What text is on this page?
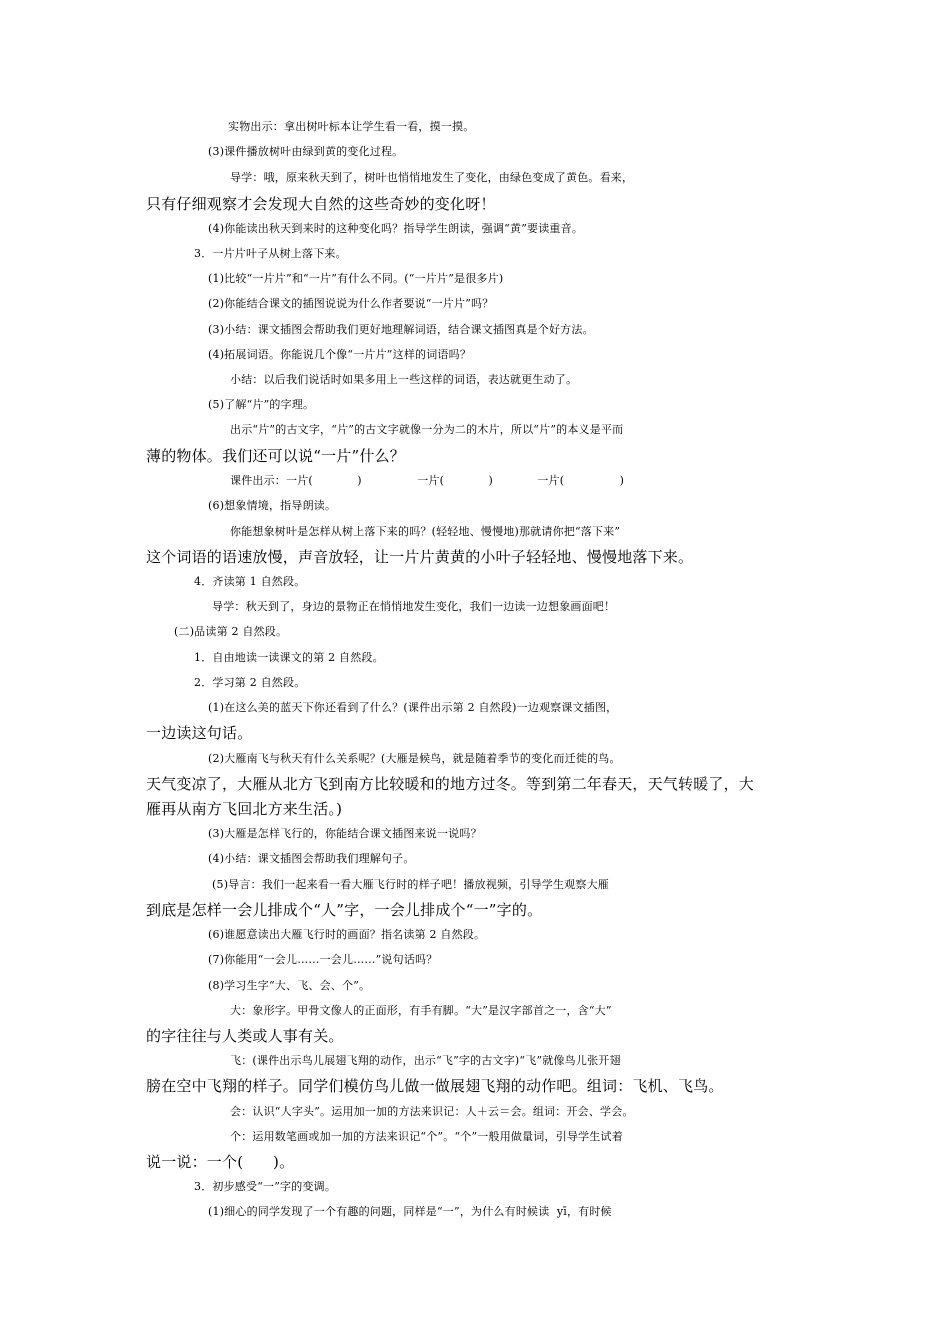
实物出示：拿出树叶标本让学生看一看，摸一摸。
(3)课件播放树叶由绿到黄的变化过程。
导学：哦，原来秋天到了，树叶也悄悄地发生了变化，由绿色变成了黄色。看来，
只有仔细观察才会发现大自然的这些奇妙的变化呀！
(4)你能读出秋天到来时的这种变化吗？指导学生朗读，强调“黄”要读重音。
3．一片片叶子从树上落下来。
(1)比较“一片片”和“一片”有什么不同。(“一片片”是很多片)
(2)你能结合课文的插图说说为什么作者要说“一片片”吗？
(3)小结：课文插图会帮助我们更好地理解词语，结合课文插图真是个好方法。
(4)拓展词语。你能说几个像“一片片”这样的词语吗？
小结：以后我们说话时如果多用上一些这样的词语，表达就更生动了。
(5)了解“片”的字理。
出示“片”的古文字，“片”的古文字就像一分为二的木片，所以“片”的本义是平而
薄的物体。我们还可以说“一片”什么？
课件出示：一片(            )               一片(            )            一片(               )
(6)想象情境，指导朗读。
你能想象树叶是怎样从树上落下来的吗？(轻轻地、慢慢地)那就请你把“落下来”
这个词语的语速放慢，声音放轻，让一片片黄黄的小叶子轻轻地、慢慢地落下来。
4．齐读第 1 自然段。
导学：秋天到了，身边的景物正在悄悄地发生变化，我们一边读一边想象画面吧！
(二)品读第 2 自然段。
1．自由地读一读课文的第 2 自然段。
2．学习第 2 自然段。
(1)在这么美的蓝天下你还看到了什么？(课件出示第 2 自然段)一边观察课文插图，
一边读这句话。
(2)大雁南飞与秋天有什么关系呢？(大雁是候鸟，就是随着季节的变化而迁徙的鸟。
天气变凉了，大雁从北方飞到南方比较暖和的地方过冬。等到第二年春天，天气转暖了，大
雁再从南方飞回北方来生活。)
(3)大雁是怎样飞行的，你能结合课文插图来说一说吗？
(4)小结：课文插图会帮助我们理解句子。
(5)导言：我们一起来看一看大雁飞行时的样子吧！播放视频，引导学生观察大雁
到底是怎样一会儿排成个“人”字，一会儿排成个“一”字的。
(6)谁愿意读出大雁飞行时的画面？指名读第 2 自然段。
(7)你能用“一会儿……一会儿……”说句话吗？
(8)学习生字“大、飞、会、个”。
大：象形字。甲骨文像人的正面形，有手有脚。“大”是汉字部首之一，含“大”
的字往往与人类或人事有关。
飞：(课件出示鸟儿展翅飞翔的动作，出示“飞”字的古文字)“飞”就像鸟儿张开翅
膀在空中飞翔的样子。同学们模仿鸟儿做一做展翅飞翔的动作吧。组词：飞机、飞鸟。
会：认识“人字头”。运用加一加的方法来识记：人＋云＝会。组词：开会、学会。
个：运用数笔画或加一加的方法来识记“个”。“个”一般用做量词，引导学生试着
说一说：一个(      )。
3．初步感受“一”字的变调。
(1)细心的同学发现了一个有趣的问题，同样是“一”，为什么有时候读  yī，有时候
